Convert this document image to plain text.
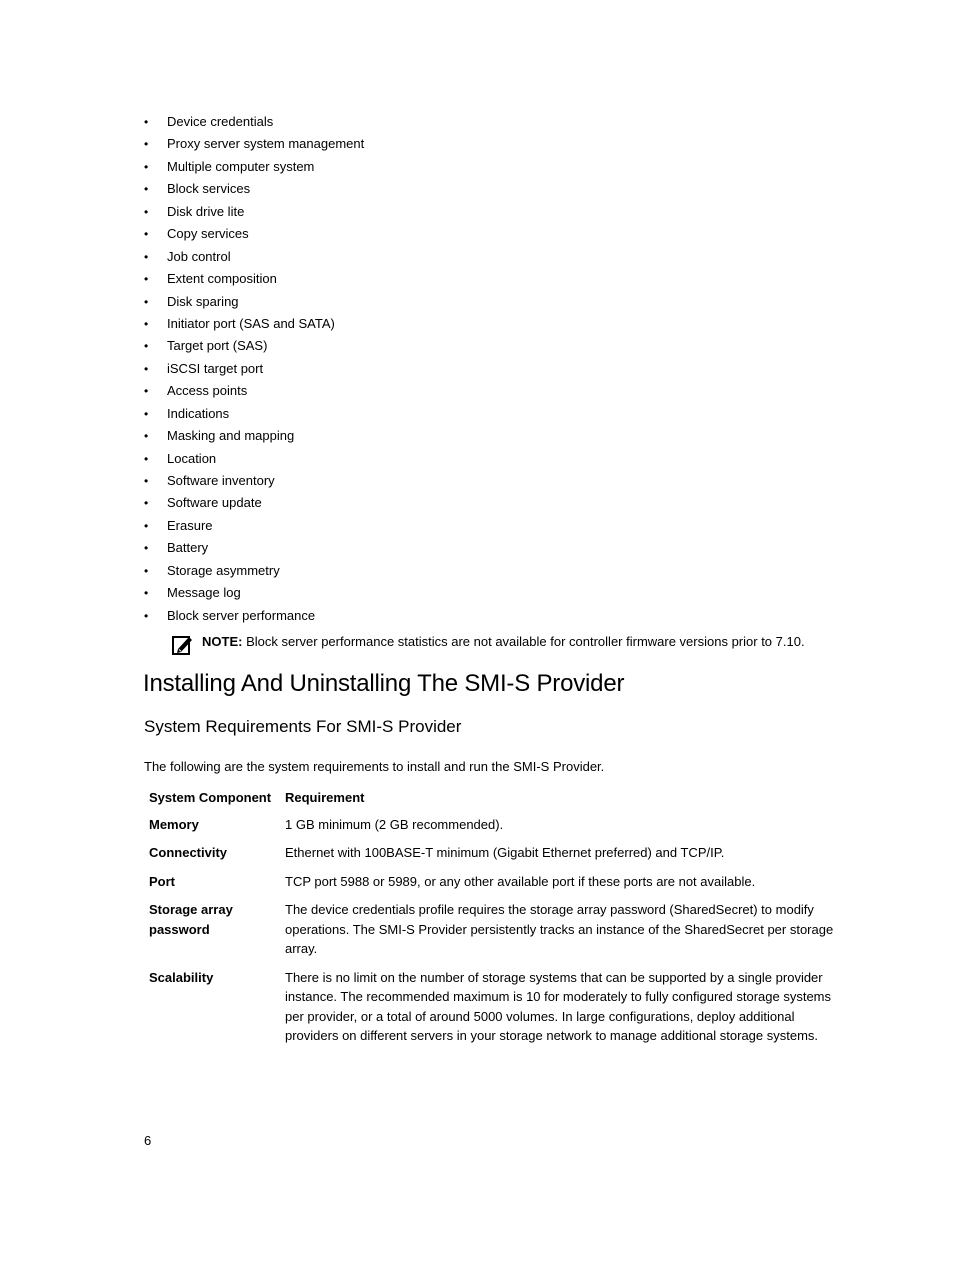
• Device credentials
• Proxy server system management
• Multiple computer system
• Block services
• Disk drive lite
• Copy services
• Job control
• Extent composition
• Disk sparing
• Initiator port (SAS and SATA)
• Target port (SAS)
• iSCSI target port
• Access points
• Indications
• Masking and mapping
• Location
• Software inventory
• Software update
• Erasure
• Battery
• Storage asymmetry
• Message log
• Block server performance
NOTE: Block server performance statistics are not available for controller firmware versions prior to 7.10.
Installing And Uninstalling The SMI-S Provider
System Requirements For SMI-S Provider
The following are the system requirements to install and run the SMI-S Provider.
System Component	Requirement
Memory	1 GB minimum (2 GB recommended).
Connectivity	Ethernet with 100BASE-T minimum (Gigabit Ethernet preferred) and TCP/IP.
Port	TCP port 5988 or 5989, or any other available port if these ports are not available.
Storage array password	The device credentials profile requires the storage array password (SharedSecret) to modify operations. The SMI-S Provider persistently tracks an instance of the SharedSecret per storage array.
Scalability	There is no limit on the number of storage systems that can be supported by a single provider instance. The recommended maximum is 10 for moderately to fully configured storage systems per provider, or a total of around 5000 volumes. In large configurations, deploy additional providers on different servers in your storage network to manage additional storage systems.
6
